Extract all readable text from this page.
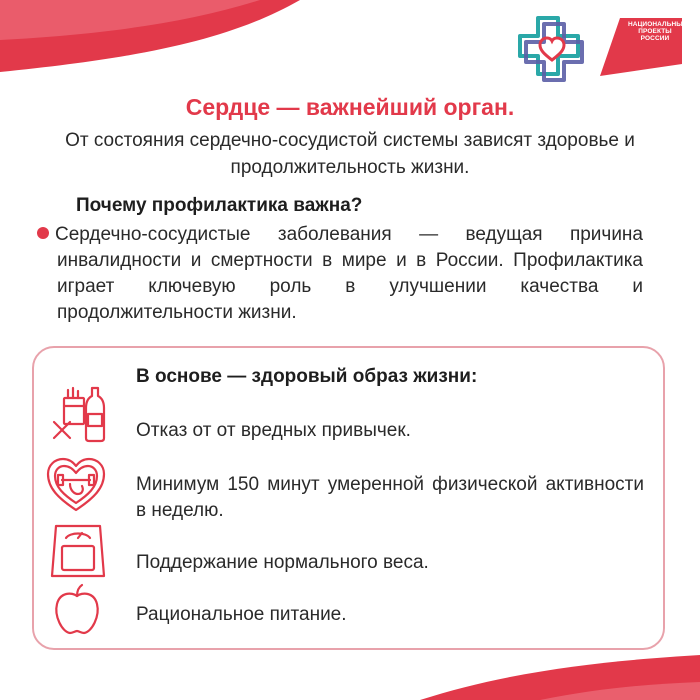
НАЦИОНАЛЬНЫЕ
ПРОЕКТЫ
РОССИИ
Сердце — важнейший орган.
От состояния сердечно-сосудистой системы зависят здоровье и продолжительность жизни.
Почему профилактика важна?
Сердечно-сосудистые заболевания — ведущая причина инвалидности и смертности в мире и в России. Профилактика играет ключевую роль в улучшении качества и продолжительности жизни.
В основе — здоровый образ жизни:
Отказ от от вредных привычек.
Минимум 150 минут умеренной физической активности в неделю.
Поддержание нормального веса.
Рациональное питание.
